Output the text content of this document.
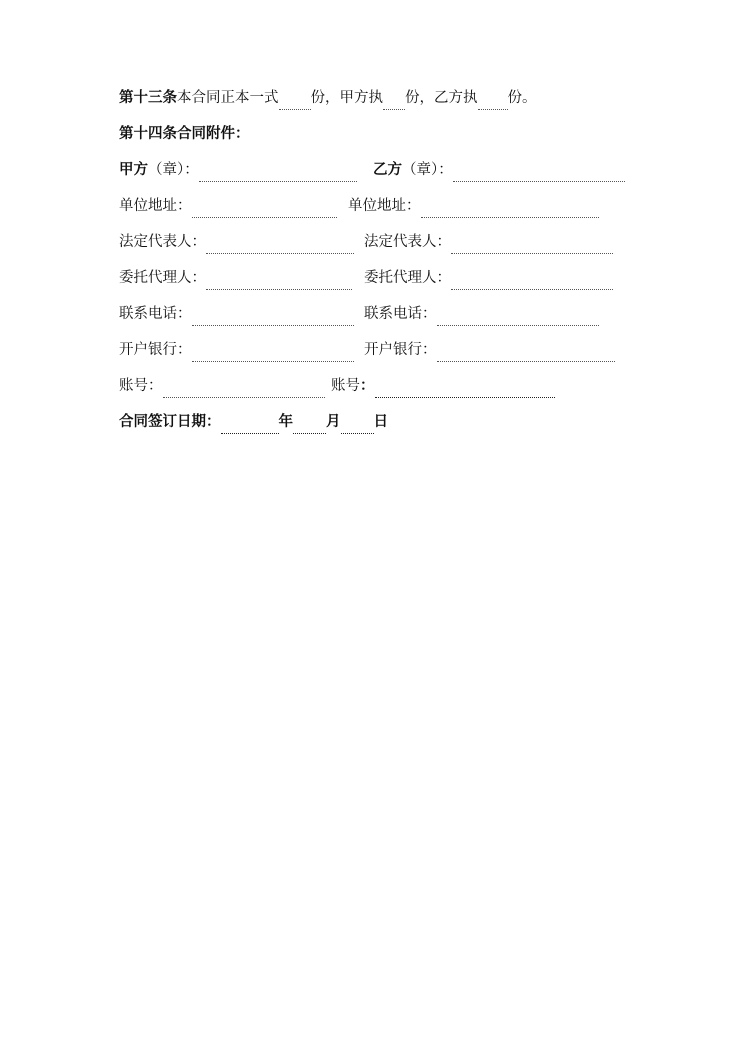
第十三条本合同正本一式 份，甲方执 份，乙方执 份。
第十四条合同附件：
甲方（章）：	乙方（章）：
单位地址：	单位地址：
法定代表人：	法定代表人：
委托代理人：	委托代理人：
联系电话：	联系电话：
开户银行：	开户银行：
账号：	账号：
合同签订日期：	年 月 日
